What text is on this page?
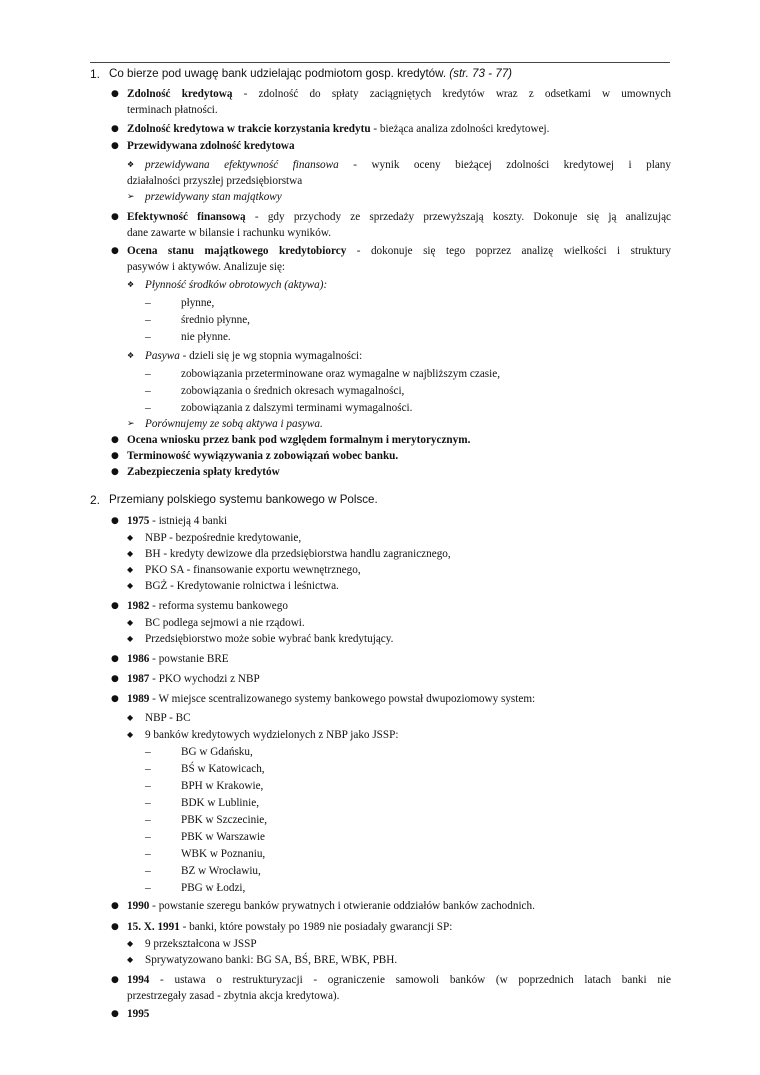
1. Co bierze pod uwagę bank udzielając podmiotom gosp. kredytów. (str. 73 - 77)
● Zdolność kredytową - zdolność do spłaty zaciągniętych kredytów wraz z odsetkami w umownych
terminach płatności.
● Zdolność kredytowa w trakcie korzystania kredytu - bieżąca analiza zdolności kredytowej.
● Przewidywana zdolność kredytowa
❖ przewidywana efektywność finansowa - wynik oceny bieżącej zdolności kredytowej i plany
działalności przyszłej przedsiębiorstwa
➢ przewidywany stan majątkowy
● Efektywność finansową - gdy przychody ze sprzedaży przewyższają koszty. Dokonuje się ją analizując
dane zawarte w bilansie i rachunku wyników.
● Ocena stanu majątkowego kredytobiorcy - dokonuje się tego poprzez analizę wielkości i struktury
pasywów i aktywów. Analizuje się:
❖ Płynność środków obrotowych (aktywa):
–	płynne,
–	średnio płynne,
–	nie płynne.
❖ Pasywa - dzieli się je wg stopnia wymagalności:
–	zobowiązania przeterminowane oraz wymagalne w najbliższym czasie,
–	zobowiązania o średnich okresach wymagalności,
–	zobowiązania z dalszymi terminami wymagalności.
➢ Porównujemy ze sobą aktywa i pasywa.
● Ocena wniosku przez bank pod względem formalnym i merytorycznym.
● Terminowość wywiązywania z zobowiązań wobec banku.
● Zabezpieczenia spłaty kredytów
2. Przemiany polskiego systemu bankowego w Polsce.
● 1975 - istnieją 4 banki
◆ NBP - bezpośrednie kredytowanie,
◆ BH - kredyty dewizowe dla przedsiębiorstwa handlu zagranicznego,
◆ PKO SA - finansowanie exportu wewnętrznego,
◆ BGŻ - Kredytowanie rolnictwa i leśnictwa.
● 1982 - reforma systemu bankowego
◆ BC podlega sejmowi a nie rządowi.
◆ Przedsiębiorstwo może sobie wybrać bank kredytujący.
● 1986 - powstanie BRE
● 1987 - PKO wychodzi z NBP
● 1989 - W miejsce scentralizowanego systemy bankowego powstał dwupoziomowy system:
◆ NBP - BC
◆ 9 banków kredytowych wydzielonych z NBP jako JSSP:
–	BG w Gdańsku,
–	BŚ w Katowicach,
–	BPH w Krakowie,
–	BDK w Lublinie,
–	PBK w Szczecinie,
–	PBK w Warszawie
–	WBK w Poznaniu,
–	BZ w Wrocławiu,
–	PBG w Łodzi,
● 1990 - powstanie szeregu banków prywatnych i otwieranie oddziałów banków zachodnich.
● 15. X. 1991 - banki, które powstały po 1989 nie posiadały gwarancji SP:
◆ 9 przekształcona w JSSP
◆ Sprywatyzowano banki: BG SA, BŚ, BRE, WBK, PBH.
● 1994 - ustawa o restrukturyzacji - ograniczenie samowoli banków (w poprzednich latach banki nie
przestrzegały zasad - zbytnia akcja kredytowa).
● 1995
